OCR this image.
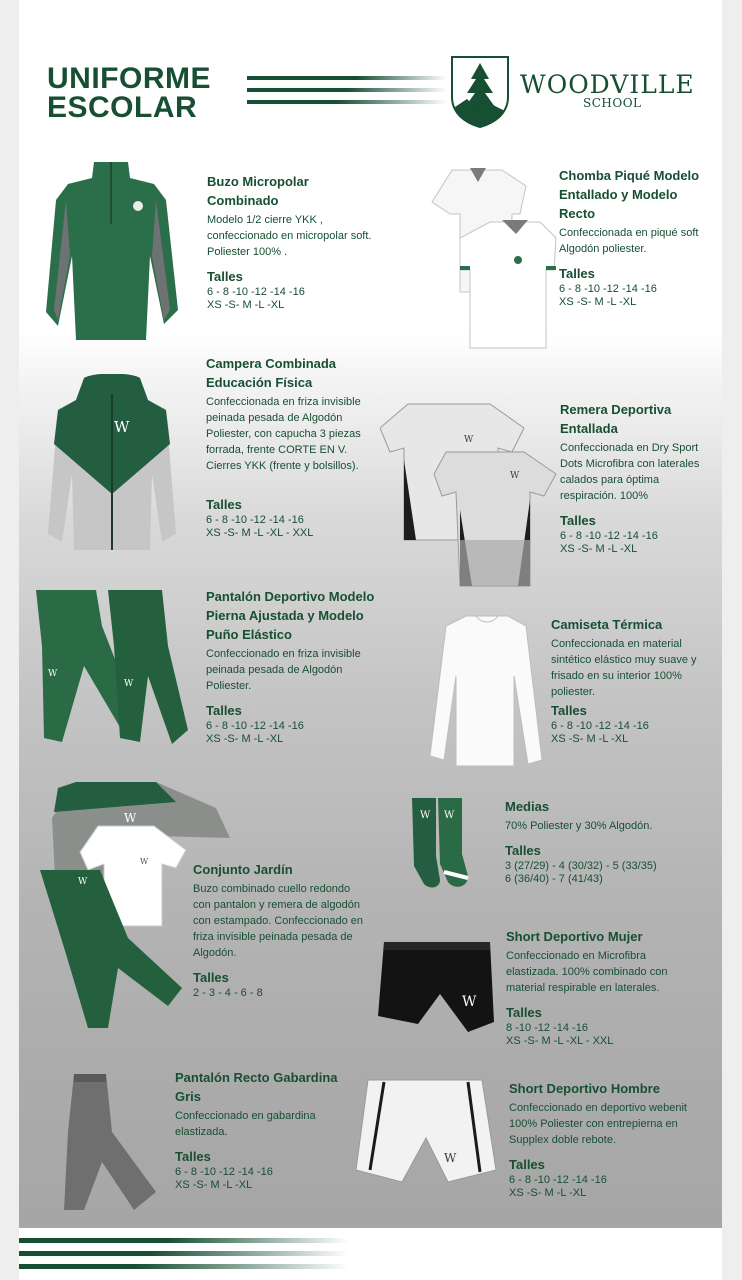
UNIFORME
ESCOLAR
WOODVILLE
SCHOOL
W
W
W
W
W
W W
W
W
W
W
W
Buzo Micropolar Combinado
Modelo 1/2 cierre YKK , confeccionado en micropolar soft. Poliester 100% .
Talles
6 - 8 -10 -12 -14 -16
XS -S- M -L -XL
Chomba Piqué Modelo Entallado y Modelo Recto
Confeccionada en piqué soft Algodón poliester.
Talles
6 - 8 -10 -12 -14 -16
XS -S- M -L -XL
Campera Combinada Educación Física
Confeccionada en friza invisible peinada pesada de Algodón Poliester, con capucha 3 piezas forrada, frente CORTE EN V. Cierres YKK (frente y bolsillos).
Talles
6 - 8 -10 -12 -14 -16
XS -S- M -L -XL - XXL
Remera Deportiva Entallada
Confeccionada en Dry Sport Dots Microfibra con laterales calados para óptima respiración. 100%
Talles
6 - 8 -10 -12 -14 -16
XS -S- M -L -XL
Pantalón Deportivo Modelo Pierna Ajustada y Modelo Puño Elástico
Confeccionado en friza invisible peinada pesada de Algodón Poliester.
Talles
6 - 8 -10 -12 -14 -16
XS -S- M -L -XL
Camiseta Térmica
Confeccionada en material sintético elástico muy suave y frisado en su interior 100% poliester.
Talles
6 - 8 -10 -12 -14 -16
XS -S- M -L -XL
Medias
70% Poliester y 30% Algodón.
Talles
3 (27/29) - 4 (30/32) - 5 (33/35)
6 (36/40) - 7 (41/43)
Conjunto Jardín
Buzo combinado cuello redondo con pantalon y remera de algodón con estampado. Confeccionado en friza invisible peinada pesada de Algodón.
Talles
2 - 3 - 4 - 6 - 8
Short Deportivo Mujer
Confeccionado en Microfibra elastizada. 100% combinado con material respirable en laterales.
Talles
8 -10 -12 -14 -16
XS -S- M -L -XL - XXL
Pantalón Recto Gabardina Gris
Confeccionado en gabardina elastizada.
Talles
6 - 8 -10 -12 -14 -16
XS -S- M -L -XL
Short Deportivo Hombre
Confeccionado en deportivo webenit 100% Poliester con entrepierna en Supplex doble rebote.
Talles
6 - 8 -10 -12 -14 -16
XS -S- M -L -XL
